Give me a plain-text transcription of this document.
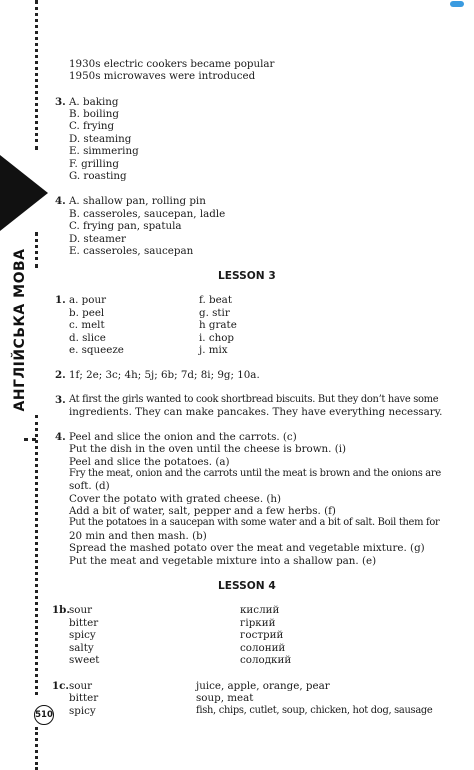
АНГЛІЙСЬКА МОВА
510
1930s electric cookers became popular
1950s microwaves were introduced
3. A. baking
B. boiling
C. frying
D. steaming
E. simmering
F. grilling
G. roasting
4. A. shallow pan, rolling pin
B. casseroles, saucepan, ladle
C. frying pan, spatula
D. steamer
E. casseroles, saucepan
LESSON 3
1. a. pour
b. peel
c. melt
d. slice
e. squeeze
f. beat
g. stir
h grate
i. chop
j. mix
2. 1f; 2e; 3c; 4h; 5j; 6b; 7d; 8i; 9g; 10a.
3. At first the girls wanted to cook shortbread biscuits. But they don’t have some
ingredients. They can make pancakes. They have everything necessary.
4. Peel and slice the onion and the carrots. (c)
Put the dish in the oven until the cheese is brown. (i)
Peel and slice the potatoes. (a)
Fry the meat, onion and the carrots until the meat is brown and the onions are
soft. (d)
Cover the potato with grated cheese. (h)
Add a bit of water, salt, pepper and a few herbs. (f)
Put the potatoes in a saucepan with some water and a bit of salt. Boil them for
20 min and then mash. (b)
Spread the mashed potato over the meat and vegetable mixture. (g)
Put the meat and vegetable mixture into a shallow pan. (e)
LESSON 4
1b. sour
bitter
spicy
salty
sweet
кислий
гіркий
гострий
солоний
солодкий
1c. sour
bitter
spicy
juice, apple, orange, pear
soup, meat
fish, chips, cutlet, soup, chicken, hot dog, sausage
